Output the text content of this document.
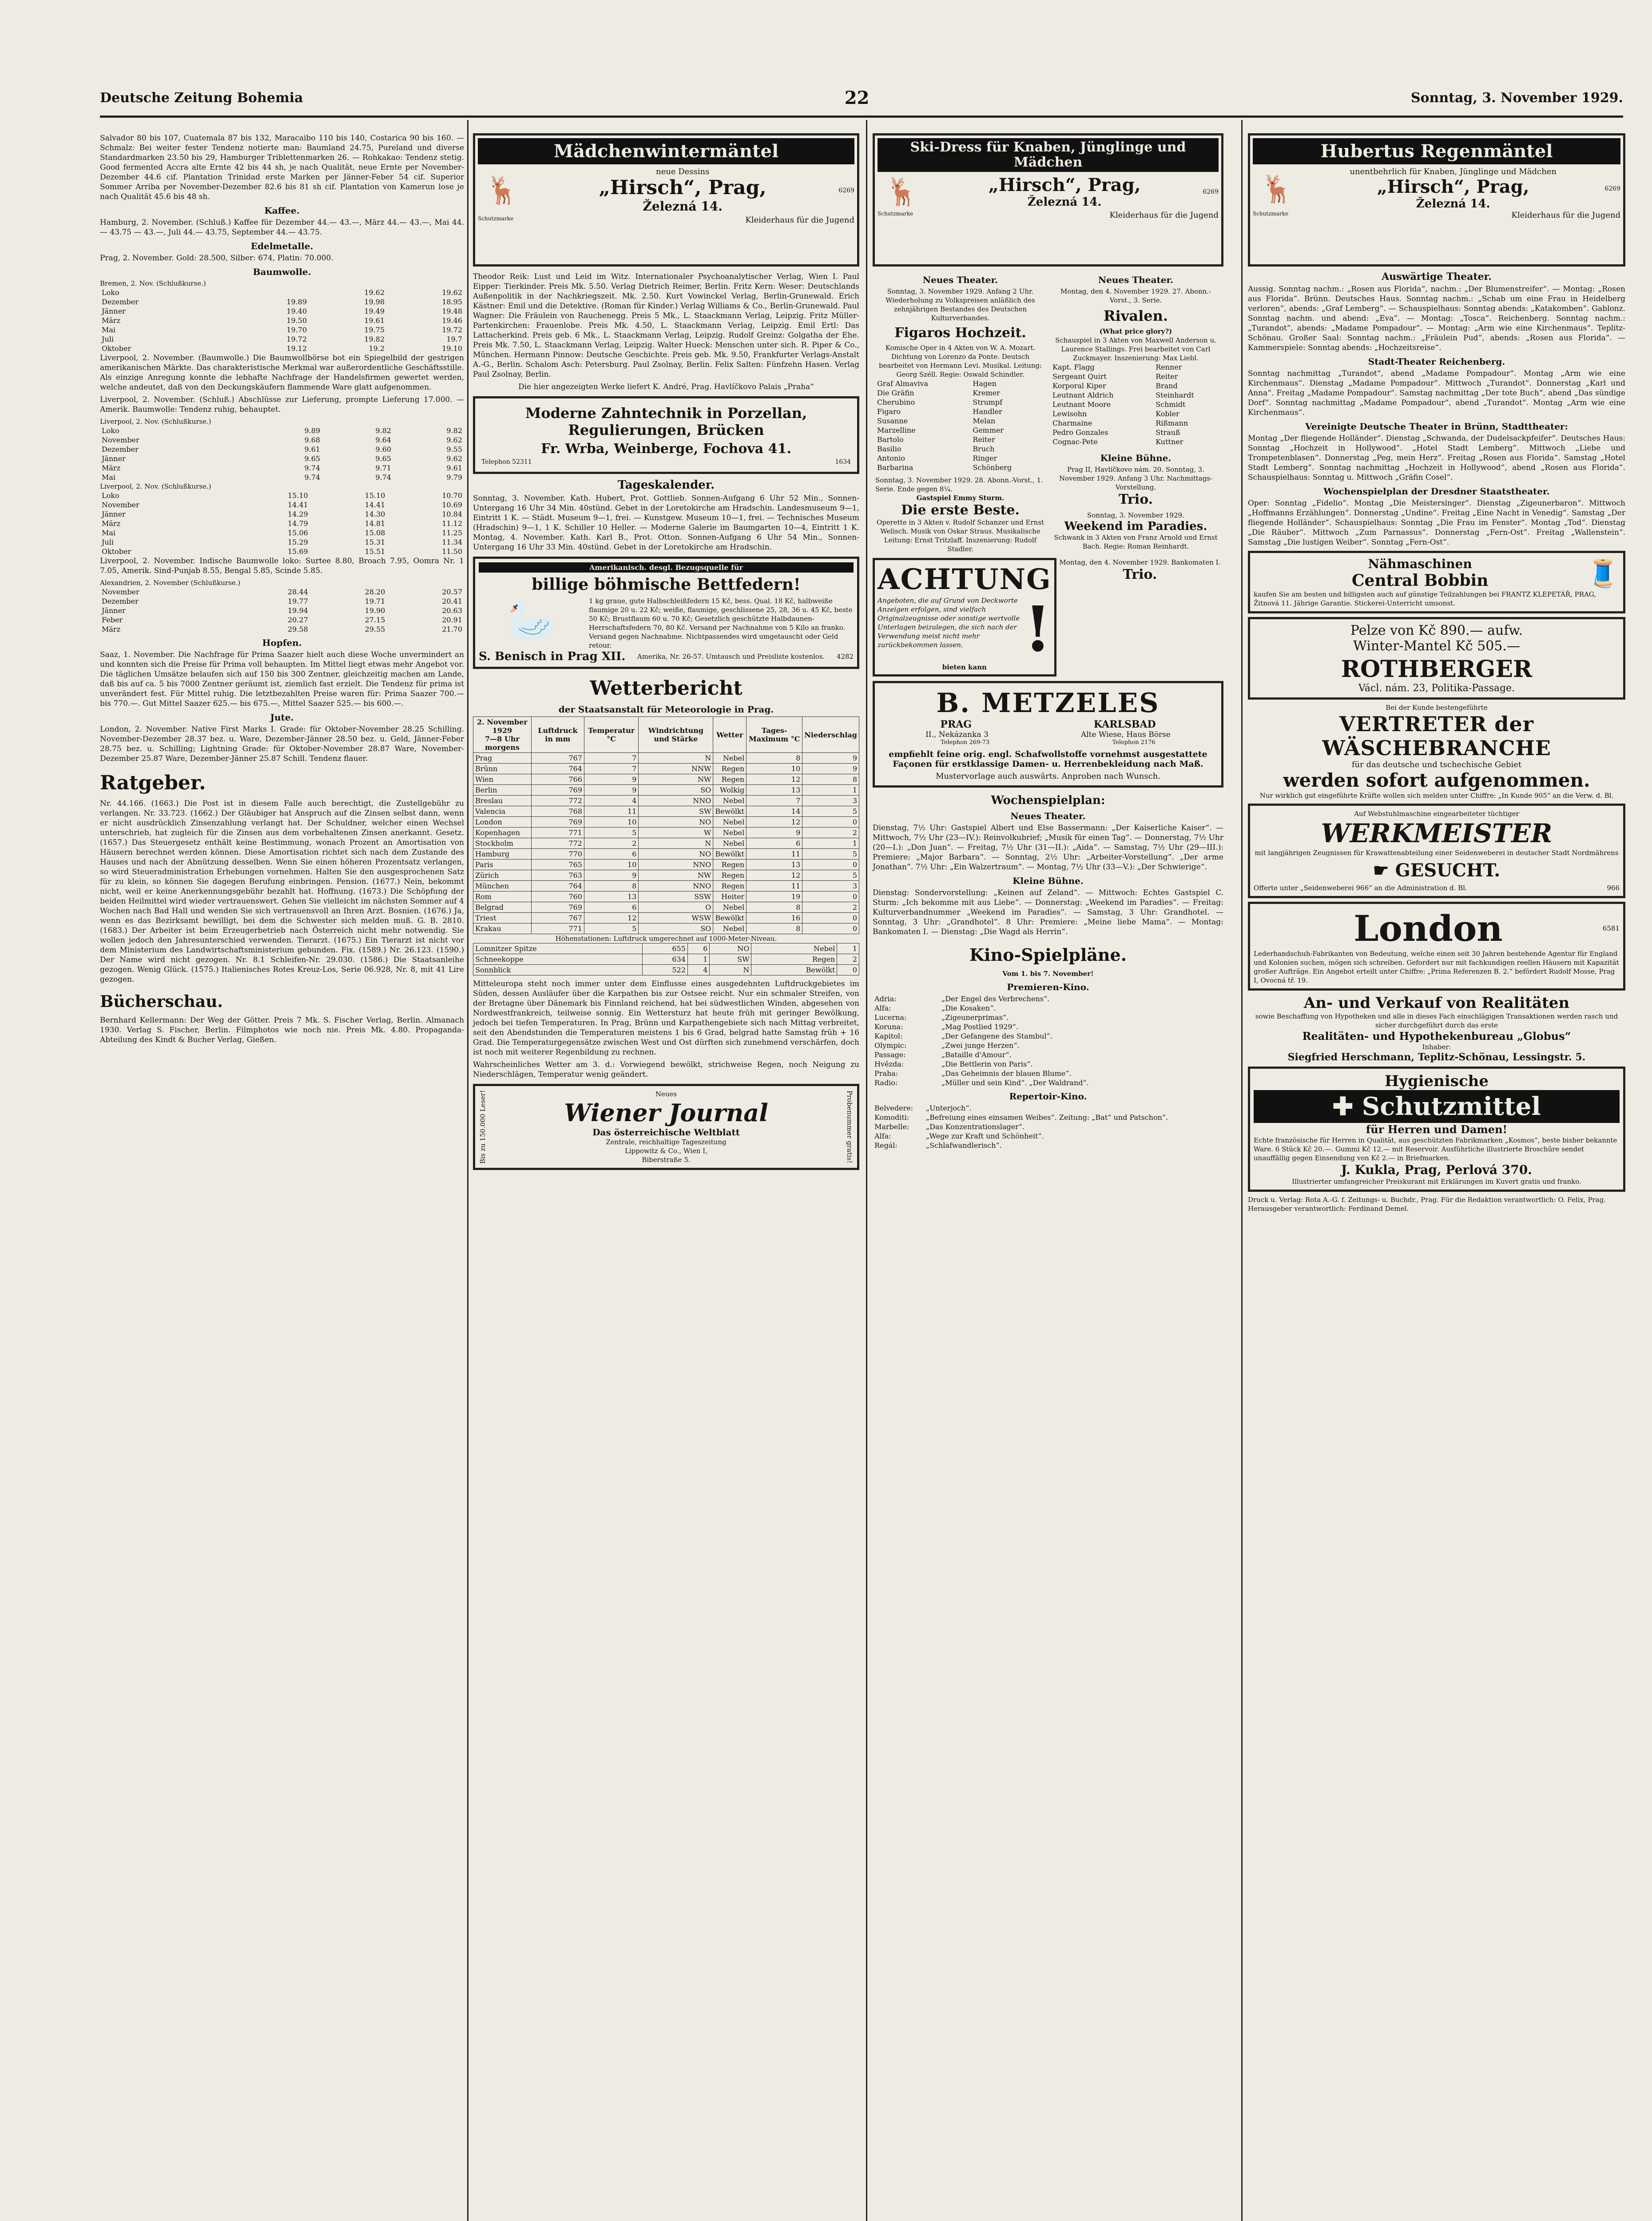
Deutsche Zeitung Bohemia	22	Sonntag, 3. November 1929.

Salvador 80 bis 107, Cuatemala 87 bis 132, Maracaibo 110 bis 140, Costarica 90 bis 160. — Schmalz: Bei weiter fester Tendenz notierte man: Baumland 24.75, Pureland und diverse Standardmarken 23.50 bis 29, Hamburger Triblettenmarken 26. — Rohkakao: Tendenz stetig. Good fermented Accra alte Ernte 42 bis 44 sh, je nach Qualität, neue Ernte per November-Dezember 44.6 cif. Plantation Trinidad erste Marken per Jänner-Feber 54 cif. Superior Sommer Arriba per November-Dezember 82.6 bis 81 sh cif. Plantation von Kamerun lose je nach Qualität 45.6 bis 48 sh.

Kaffee.

Hamburg, 2. November. (Schluß.) Kaffee für Dezember 44.— 43.—, März 44.— 43.—, Mai 44.— 43.75 — 43.—, Juli 44.— 43.75, September 44.— 43.75.

Edelmetalle.

Prag, 2. November. Gold: 28.500, Silber: 674, Platin: 70.000.

Baumwolle.
Bremen, 2. Nov. (Schlußkurse.)
Loko		19.62	19.62
Dezember	19.89	19.98	18.95
Jänner	19.40	19.49	19.48
März	19.50	19.61	19.46
Mai	19.70	19.75	19.72
Juli	19.72	19.82	19.7
Oktober	19.12	19.2	19.10

Liverpool, 2. November. (Baumwolle.) Die Baumwollbörse bot ein Spiegelbild der gestrigen amerikanischen Märkte. Das charakteristische Merkmal war außerordentliche Geschäftsstille. Als einzige Anregung konnte die lebhafte Nachfrage der Handelsfirmen gewertet werden, welche andeutet, daß von den Deckungskäufern flammende Ware glatt aufgenommen.

Liverpool, 2. November. (Schluß.) Abschlüsse zur Lieferung, prompte Lieferung 17.000. — Amerik. Baumwolle: Tendenz ruhig, behauptet.

Liverpool, 2. Nov. (Schlußkurse.)
Loko	9.89	9.82	9.82
November	9.68	9.64	9.62
Dezember	9.61	9.60	9.55
Jänner	9.65	9.65	9.62
März	9.74	9.71	9.61
Mai	9.74	9.74	9.79
Liverpool, 2. Nov. (Schlußkurse.)
Loko	15.10	15.10	10.70
November	14.41	14.41	10.69
Jänner	14.29	14.30	10.84
März	14.79	14.81	11.12
Mai	15.06	15.08	11.25
Juli	15.29	15.31	11.34
Oktober	15.69	15.51	11.50

Liverpool, 2. November. Indische Baumwolle loko: Surtee 8.80, Broach 7.95, Oomra Nr. 1 7.05, Amerik. Sind-Punjab 8.55, Bengal 5.85, Scinde 5.85.

Alexandrien, 2. November (Schlußkurse.)
November	28.44	28.20	20.57
Dezember	19.77	19.71	20.41
Jänner	19.94	19.90	20.63
Feber	20.27	27.15	20.91
März	29.58	29.55	21.70
Hopfen.

Saaz, 1. November. Die Nachfrage für Prima Saazer hielt auch diese Woche unvermindert an und konnten sich die Preise für Prima voll behaupten. Im Mittel liegt etwas mehr Angebot vor. Die täglichen Umsätze belaufen sich auf 150 bis 300 Zentner, gleichzeitig machen am Lande, daß bis auf ca. 5 bis 7000 Zentner geräumt ist, ziemlich fast erzielt. Die Tendenz für prima ist unverändert fest. Für Mittel ruhig. Die letztbezahlten Preise waren für: Prima Saazer 700.— bis 770.—. Gut Mittel Saazer 625.— bis 675.—, Mittel Saazer 525.— bis 600.—.

Jute.

London, 2. November. Native First Marks I. Grade: für Oktober-November 28.25 Schilling. November-Dezember 28.37 bez. u. Ware, Dezember-Jänner 28.50 bez. u. Geld, Jänner-Feber 28.75 bez. u. Schilling; Lightning Grade: für Oktober-November 28.87 Ware, November-Dezember 25.87 Ware, Dezember-Jänner 25.87 Schill. Tendenz flauer.

Ratgeber.

Nr. 44.166. (1663.) Die Post ist in diesem Falle auch berechtigt, die Zustellgebühr zu verlangen. Nr. 33.723. (1662.) Der Gläubiger hat Anspruch auf die Zinsen selbst dann, wenn er nicht ausdrücklich Zinsenzahlung verlangt hat. Der Schuldner, welcher einen Wechsel unterschrieb, hat zugleich für die Zinsen aus dem vorbehaltenen Zinsen anerkannt. Gesetz. (1657.) Das Steuergesetz enthält keine Bestimmung, wonach Prozent an Amortisation von Häusern berechnet werden können. Diese Amortisation richtet sich nach dem Zustande des Hauses und nach der Abnützung desselben. Wenn Sie einen höheren Prozentsatz verlangen, so wird Steueradministration Erhebungen vornehmen. Halten Sie den ausgesprochenen Satz für zu klein, so können Sie dagegen Berufung einbringen. Pension. (1677.) Nein, bekommt nicht, weil er keine Anerkennungsgebühr bezahlt hat. Hoffnung. (1673.) Die Schöpfung der beiden Heilmittel wird wieder vertrauenswert. Gehen Sie vielleicht im nächsten Sommer auf 4 Wochen nach Bad Hall und wenden Sie sich vertrauensvoll an Ihren Arzt. Bosnien. (1676.) Ja, wenn es das Bezirksamt bewilligt, bei dem die Schwester sich melden muß. G. B. 2810. (1683.) Der Arbeiter ist beim Erzeugerbetrieb nach Österreich nicht mehr notwendig. Sie wollen jedoch den Jahresunterschied verwenden. Tierarzt. (1675.) Ein Tierarzt ist nicht vor dem Ministerium des Landwirtschaftsministerium gebunden. Fix. (1589.) Nr. 26.123. (1590.) Der Name wird nicht gezogen. Nr. 8.1 Schleifen-Nr. 29.030. (1586.) Die Staatsanleihe gezogen. Wenig Glück. (1575.) Italienisches Rotes Kreuz-Los, Serie 06.928, Nr. 8, mit 41 Lire gezogen.

Bücherschau.

Bernhard Kellermann: Der Weg der Götter. Preis 7 Mk. S. Fischer Verlag, Berlin. Almanach 1930. Verlag S. Fischer, Berlin. Filmphotos wie noch nie. Preis Mk. 4.80. Propaganda-Abteilung des Kindt & Bucher Verlag, Gießen.

Mädchenwintermäntel
🦌
neue Dessins
„Hirsch“, Prag,
Železná 14.
6269
Schutzmarke	Kleiderhaus für die Jugend

Theodor Reik: Lust und Leid im Witz. Internationaler Psychoanalytischer Verlag, Wien I. Paul Eipper: Tierkinder. Preis Mk. 5.50. Verlag Dietrich Reimer, Berlin. Fritz Kern: Weser: Deutschlands Außenpolitik in der Nachkriegszeit. Mk. 2.50. Kurt Vowinckel Verlag, Berlin-Grunewald. Erich Kästner: Emil und die Detektive. (Roman für Kinder.) Verlag Williams & Co., Berlin-Grunewald. Paul Wagner: Die Fräulein von Rauchenegg. Preis 5 Mk., L. Staackmann Verlag, Leipzig. Fritz Müller-Partenkirchen: Frauenlobe. Preis Mk. 4.50, L. Staackmann Verlag, Leipzig. Emil Ertl: Das Lattacherkind. Preis geb. 6 Mk., L. Staackmann Verlag, Leipzig. Rudolf Greinz: Golgatha der Ehe. Preis Mk. 7.50, L. Staackmann Verlag, Leipzig. Walter Hueck: Menschen unter sich. R. Piper & Co., München. Hermann Pinnow: Deutsche Geschichte. Preis geb. Mk. 9.50, Frankfurter Verlags-Anstalt A.-G., Berlin. Schalom Asch: Petersburg. Paul Zsolnay, Berlin. Felix Salten: Fünfzehn Hasen. Verlag Paul Zsolnay, Berlin.

Die hier angezeigten Werke liefert K. André, Prag. Havlíčkovo Palais „Praha“

Moderne Zahntechnik in Porzellan, Regulierungen, Brücken
Fr. Wrba, Weinberge, Fochova 41.
Telephon 52311	1634
Tageskalender.

Sonntag, 3. November. Kath. Hubert, Prot. Gottlieb. Sonnen-Aufgang 6 Uhr 52 Min., Sonnen-Untergang 16 Uhr 34 Min. 40stünd. Gebet in der Loretokirche am Hradschin. Landesmuseum 9—1, Eintritt 1 K. — Städt. Museum 9—1, frei. — Kunstgew. Museum 10—1, frei. — Technisches Museum (Hradschin) 9—1, 1 K. Schiller 10 Heller. — Moderne Galerie im Baumgarten 10—4, Eintritt 1 K. Montag, 4. November. Kath. Karl B., Prot. Otton. Sonnen-Aufgang 6 Uhr 54 Min., Sonnen-Untergang 16 Uhr 33 Min. 40stünd. Gebet in der Loretokirche am Hradschin.

Amerikanisch. desgl. Bezugsquelle für
billige böhmische Bettfedern!
🦢	1 kg graue, gute Halbschleißfedern 15 Kč, bess. Qual. 18 Kč, halbweiße flaumige 20 u. 22 Kč; weiße, flaumige, geschlissene 25, 28, 36 u. 45 Kč, beste 50 Kč; Brustflaum 60 u. 70 Kč; Gesetzlich geschützte Halbdaunen-Herrschaftsfedern 70, 80 Kč. Versand per Nachnahme von 5 Kilo an franko. Versand gegen Nachnahme. Nichtpassendes wird umgetauscht oder Geld retour.
S. Benisch in Prag XII. Amerika, Nr. 26-57. Umtausch und Preisliste kostenlos. 4282
Wetterbericht
der Staatsanstalt für Meteorologie in Prag.
2. November 1929
7—8 Uhr morgens	Luftdruck in mm	Temperatur °C	Windrichtung und Stärke	Wetter	Tages-Maximum °C	Niederschlag
Prag	767	7	N	Nebel	8	9
Brünn	764	7	NNW	Regen	10	9
Wien	766	9	NW	Regen	12	8
Berlin	769	9	SO	Wolkig	13	1
Breslau	772	4	NNO	Nebel	7	3
Valencia	768	11	SW	Bewölkt	14	5
London	769	10	NO	Nebel	12	0
Kopenhagen	771	5	W	Nebel	9	2
Stockholm	772	2	N	Nebel	6	1
Hamburg	770	6	NO	Bewölkt	11	5
Paris	765	10	NNO	Regen	13	0
Zürich	763	9	NW	Regen	12	5
München	764	8	NNO	Regen	11	3
Rom	760	13	SSW	Heiter	19	0
Belgrad	769	6	O	Nebel	8	2
Triest	767	12	WSW	Bewölkt	16	0
Krakau	771	5	SO	Nebel	8	0
Höhenstationen: Luftdruck umgerechnet auf 1000-Meter-Niveau.
Lomnitzer Spitze	655	6	NO	Nebel	1
Schneekoppe	634	1	SW	Regen	2
Sonnblick	522	4	N	Bewölkt	0

Mitteleuropa steht noch immer unter dem Einflusse eines ausgedehnten Luftdruckgebietes im Süden, dessen Ausläufer über die Karpathen bis zur Ostsee reicht. Nur ein schmaler Streifen, von der Bretagne über Dänemark bis Finnland reichend, hat bei südwestlichen Winden, abgesehen von Nordwestfrankreich, teilweise sonnig. Ein Wettersturz hat heute früh mit geringer Bewölkung, jedoch bei tiefen Temperaturen. In Prag, Brünn und Karpathengebiete sich nach Mittag verbreitet, seit den Abendstunden die Temperaturen meistens 1 bis 6 Grad, belgrad hatte Samstag früh + 16 Grad. Die Temperaturgegensätze zwischen West und Ost dürften sich zunehmend verschärfen, doch ist noch mit weiterer Regenbildung zu rechnen.

Wahrscheinliches Wetter am 3. d.: Vorwiegend bewölkt, strichweise Regen, noch Neigung zu Niederschlägen, Temperatur wenig geändert.

Bis zu 150.000 Leser!	Neues
Wiener Journal
Das österreichische Weltblatt
Zentrale, reichhaltige Tageszeitung
Lippowitz & Co., Wien I,
Biberstraße 5.	Probenummer gratis!
Ski-Dress für Knaben, Jünglinge und Mädchen
🦌	„Hirsch“, Prag,
Železná 14.
6269
Schutzmarke	Kleiderhaus für die Jugend
Neues Theater.
Sonntag, 3. November 1929. Anfang 2 Uhr.
Wiederholung zu Volkspreisen anläßlich des zehnjährigen Bestandes des Deutschen Kulturverbandes.
Figaros Hochzeit.
Komische Oper in 4 Akten von W. A. Mozart. Dichtung von Lorenzo da Ponte. Deutsch bearbeitet von Hermann Levi. Musikal. Leitung: Georg Széll. Regie: Oswald Schindler.
Graf Almaviva	Hagen
Die Gräfin	Kremer
Cherubino	Strumpf
Figaro	Handler
Susanne	Melan
Marzelline	Gemmer
Bartolo	Reiter
Basilio	Bruch
Antonio	Ringer
Barbarina	Schönberg
Sonntag, 3. November 1929. 28. Abonn.-Vorst., 1. Serie. Ende gegen 8¼.
Gastspiel Emmy Sturm.
Die erste Beste.
Operette in 3 Akten v. Rudolf Schanzer und Ernst Welisch. Musik von Oskar Straus. Musikalische Leitung: Ernst Tritzlaff. Inszenierung: Rudolf Stadler.
Neues Theater.
Montag, den 4. November 1929. 27. Abonn.-Vorst., 3. Serie.
Rivalen.
(What price glory?)
Schauspiel in 3 Akten von Maxwell Anderson u. Laurence Stallings. Frei bearbeitet von Carl Zuckmayer. Inszenierung: Max Liebl.
Kapt. Flagg	Renner
Sergeant Quirt	Reiter
Korporal Kiper	Brand
Leutnant Aldrich	Steinhardt
Leutnant Moore	Schmidt
Lewisohn	Kobler
Charmaine	Rißmann
Pedro Gonzales	Strauß
Cognac-Pete	Kuttner
Kleine Bühne.
Prag II, Havlíčkovo nám. 20. Sonntag, 3. November 1929. Anfang 3 Uhr. Nachmittags-Vorstellung.
Trio.
Sonntag, 3. November 1929.
Weekend im Paradies.
Schwank in 3 Akten von Franz Arnold und Ernst Bach. Regie: Roman Reinhardt.
ACHTUNG
Angeboten, die auf Grund von Deckworte Anzeigen erfolgen, sind vielfach Originalzeugnisse oder sonstige wertvolle Unterlagen beizulegen, die sich nach der Verwendung meist nicht mehr zurückbekommen lassen. !
bieten kann
Montag, den 4. November 1929. Bankomaten I.
Trio.
B. METZELES
PRAG	KARLSBAD
II., Nekázanka 3	Alte Wiese, Haus Börse
Telephon 269-73	Telephon 2176
empfiehlt feine orig. engl. Schafwollstoffe vornehmst ausgestattete Façonen für erstklassige Damen- u. Herrenbekleidung nach Maß.
Mustervorlage auch auswärts. Anproben nach Wunsch.
Wochenspielplan:
Neues Theater.

Dienstag, 7½ Uhr: Gastspiel Albert und Else Bassermann: „Der Kaiserliche Kaiser“. — Mittwoch, 7½ Uhr (23—IV.): Reinvolkubrief; „Musik für einen Tag“. — Donnerstag, 7½ Uhr (20—I.): „Don Juan“. — Freitag, 7½ Uhr (31—II.): „Aida“. — Samstag, 7½ Uhr (29—III.): Premiere: „Major Barbara“. — Sonntag, 2½ Uhr: „Arbeiter-Vorstellung“. „Der arme Jonathan“. 7½ Uhr: „Ein Walzertraum“. — Montag, 7½ Uhr (33—V.): „Der Schwierige“.

Kleine Bühne.

Dienstag: Sondervorstellung: „Keinen auf Zeland“. — Mittwoch: Echtes Gastspiel C. Sturm: „Ich bekomme mit aus Liebe“. — Donnerstag: „Weekend im Paradies“. — Freitag: Kulturverbandnummer „Weekend im Paradies“. — Samstag, 3 Uhr: Grandhotel. — Sonntag, 3 Uhr: „Grandhotel“. 8 Uhr: Premiere: „Meine liebe Mama“. — Montag: Bankomaten I. — Dienstag: „Die Wagd als Herrin“.

Kino-Spielpläne.
Vom 1. bis 7. November!
Premieren-Kino.
Adria:	„Der Engel des Verbrechens“.
Alfa:	„Die Kosaken“.
Lucerna:	„Zigeunerprimas“.
Koruna:	„Mag Postlied 1929“.
Kapitol:	„Der Gefangene des Stambul“.
Olympic:	„Zwei junge Herzen“.
Passage:	„Bataille d'Amour“.
Hvězda:	„Die Bettlerin von Paris“.
Praha:	„Das Geheimnis der blauen Blume“.
Radio:	„Müller und sein Kind“. „Der Waldrand“.
Repertoir-Kino.
Belvedere:	„Unterjoch“.
Komoditi:	„Befreiung eines einsamen Weibes“. Zeitung: „Bat“ und Patschon“.
Marbelle:	„Das Konzentrationslager“.
Alfa:	„Wege zur Kraft und Schönheit“.
Regál:	„Schlafwandlerisch“.
Hubertus Regenmäntel
🦌
unentbehrlich für Knaben, Jünglinge und Mädchen
„Hirsch“, Prag,
Železná 14.
6269
Schutzmarke	Kleiderhaus für die Jugend
Auswärtige Theater.

Aussig. Sonntag nachm.: „Rosen aus Florida“, nachm.: „Der Blumenstreifer“. — Montag: „Rosen aus Florida“. Brünn. Deutsches Haus. Sonntag nachm.: „Schab um eine Frau in Heidelberg verloren“, abends: „Graf Lemberg“. — Schauspielhaus: Sonntag abends: „Katakomben“. Gablonz. Sonntag nachm. und abend: „Eva“. — Montag: „Tosca“. Reichenberg. Sonntag nachm.: „Turandot“, abends: „Madame Pompadour“. — Montag: „Arm wie eine Kirchenmaus“. Teplitz-Schönau. Großer Saal: Sonntag nachm.: „Fräulein Pud“, abends: „Rosen aus Florida“. — Kammerspiele: Sonntag abends: „Hochzeitsreise“.

Stadt-Theater Reichenberg.

Sonntag nachmittag „Turandot“, abend „Madame Pompadour“. Montag „Arm wie eine Kirchenmaus“. Dienstag „Madame Pompadour“. Mittwoch „Turandot“. Donnerstag „Karl und Anna“. Freitag „Madame Pompadour“. Samstag nachmittag „Der tote Buch“, abend „Das sündige Dorf“. Sonntag nachmittag „Madame Pompadour“, abend „Turandot“. Montag „Arm wie eine Kirchenmaus“.

Vereinigte Deutsche Theater in Brünn, Stadttheater:

Montag „Der fliegende Holländer“. Dienstag „Schwanda, der Dudelsackpfeifer“. Deutsches Haus: Sonntag „Hochzeit in Hollywood“. „Hotel Stadt Lemberg“. Mittwoch „Liebe und Trompetenblasen“. Donnerstag „Peg, mein Herz“. Freitag „Rosen aus Florida“. Samstag „Hotel Stadt Lemberg“. Sonntag nachmittag „Hochzeit in Hollywood“, abend „Rosen aus Florida“. Schauspielhaus: Sonntag u. Mittwoch „Gräfin Cosel“.

Wochenspielplan der Dresdner Staatstheater.

Oper: Sonntag „Fidelio“. Montag „Die Meistersinger“. Dienstag „Zigeunerbaron“. Mittwoch „Hoffmanns Erzählungen“. Donnerstag „Undine“. Freitag „Eine Nacht in Venedig“. Samstag „Der fliegende Holländer“. Schauspielhaus: Sonntag „Die Frau im Fenster“. Montag „Tod“. Dienstag „Die Räuber“. Mittwoch „Zum Parnassus“. Donnerstag „Fern-Ost“. Freitag „Wallenstein“. Samstag „Die lustigen Weiber“. Sonntag „Fern-Ost“.

Nähmaschinen
Central Bobbin	🧵
kaufen Sie am besten und billigsten auch auf günstige Teilzahlungen bei FRANTZ KLEPETÁŘ, PRAG, Žitnová 11. Jährige Garantie. Stickerei-Unterricht umsonst.
Pelze von Kč 890.— aufw.
Winter-Mantel Kč 505.—
ROTHBERGER
Václ. nám. 23, Politika-Passage.
Bei der Kunde bestengeführte
VERTRETER der WÄSCHEBRANCHE
für das deutsche und tschechische Gebiet
werden sofort aufgenommen.
Nur wirklich gut eingeführte Kräfte wollen sich melden unter Chiffre: „In Kunde 905“ an die Verw. d. Bl.
Auf Webstuhlmaschine eingearbeiteter tüchtiger
WERKMEISTER
mit langjährigen Zeugnissen für Krawattenabteilung einer Seidenweberei in deutscher Stadt Nordmährens
☛ GESUCHT.
Offerte unter „Seidenweberei 966“ an die Administration d. Bl.	966
London	6581
Lederhandschuh-Fabrikanten von Bedeutung, welche einen seit 30 Jahren bestehende Agentur für England und Kolonien suchen, mögen sich schreiben. Gefordert nur mit fachkundigen reellen Häusern mit Kapazität großer Aufträge. Ein Angebot erteilt unter Chiffre: „Prima Referenzen B. 2.“ befördert Rudolf Mosse, Prag I, Ovocná tř. 19.
An- und Verkauf von Realitäten
sowie Beschaffung von Hypotheken und alle in dieses Fach einschlägigen Transaktionen werden rasch und sicher durchgeführt durch das erste
Realitäten- und Hypothekenbureau „Globus“
Inhaber:
Siegfried Herschmann, Teplitz-Schönau, Lessingstr. 5.
Hygienische
✚ Schutzmittel
für Herren und Damen!
Echte französische für Herren in Qualität, aus geschützten Fabrikmarken „Kosmos“, beste bisher bekannte Ware. 6 Stück Kč 20.—. Gummi Kč 12.— mit Reservoir. Ausführliche illustrierte Broschüre sendet unauffällig gegen Einsendung von Kč 2.— in Briefmarken.
J. Kukla, Prag, Perlová 370.
Illustrierter umfangreicher Preiskurant mit Erklärungen im Kuvert gratis und franko.
Druck u. Verlag: Rota A.-G. f. Zeitungs- u. Buchdr., Prag. Für die Redaktion verantwortlich: O. Felix, Prag. Herausgeber verantwortlich: Ferdinand Demel.
